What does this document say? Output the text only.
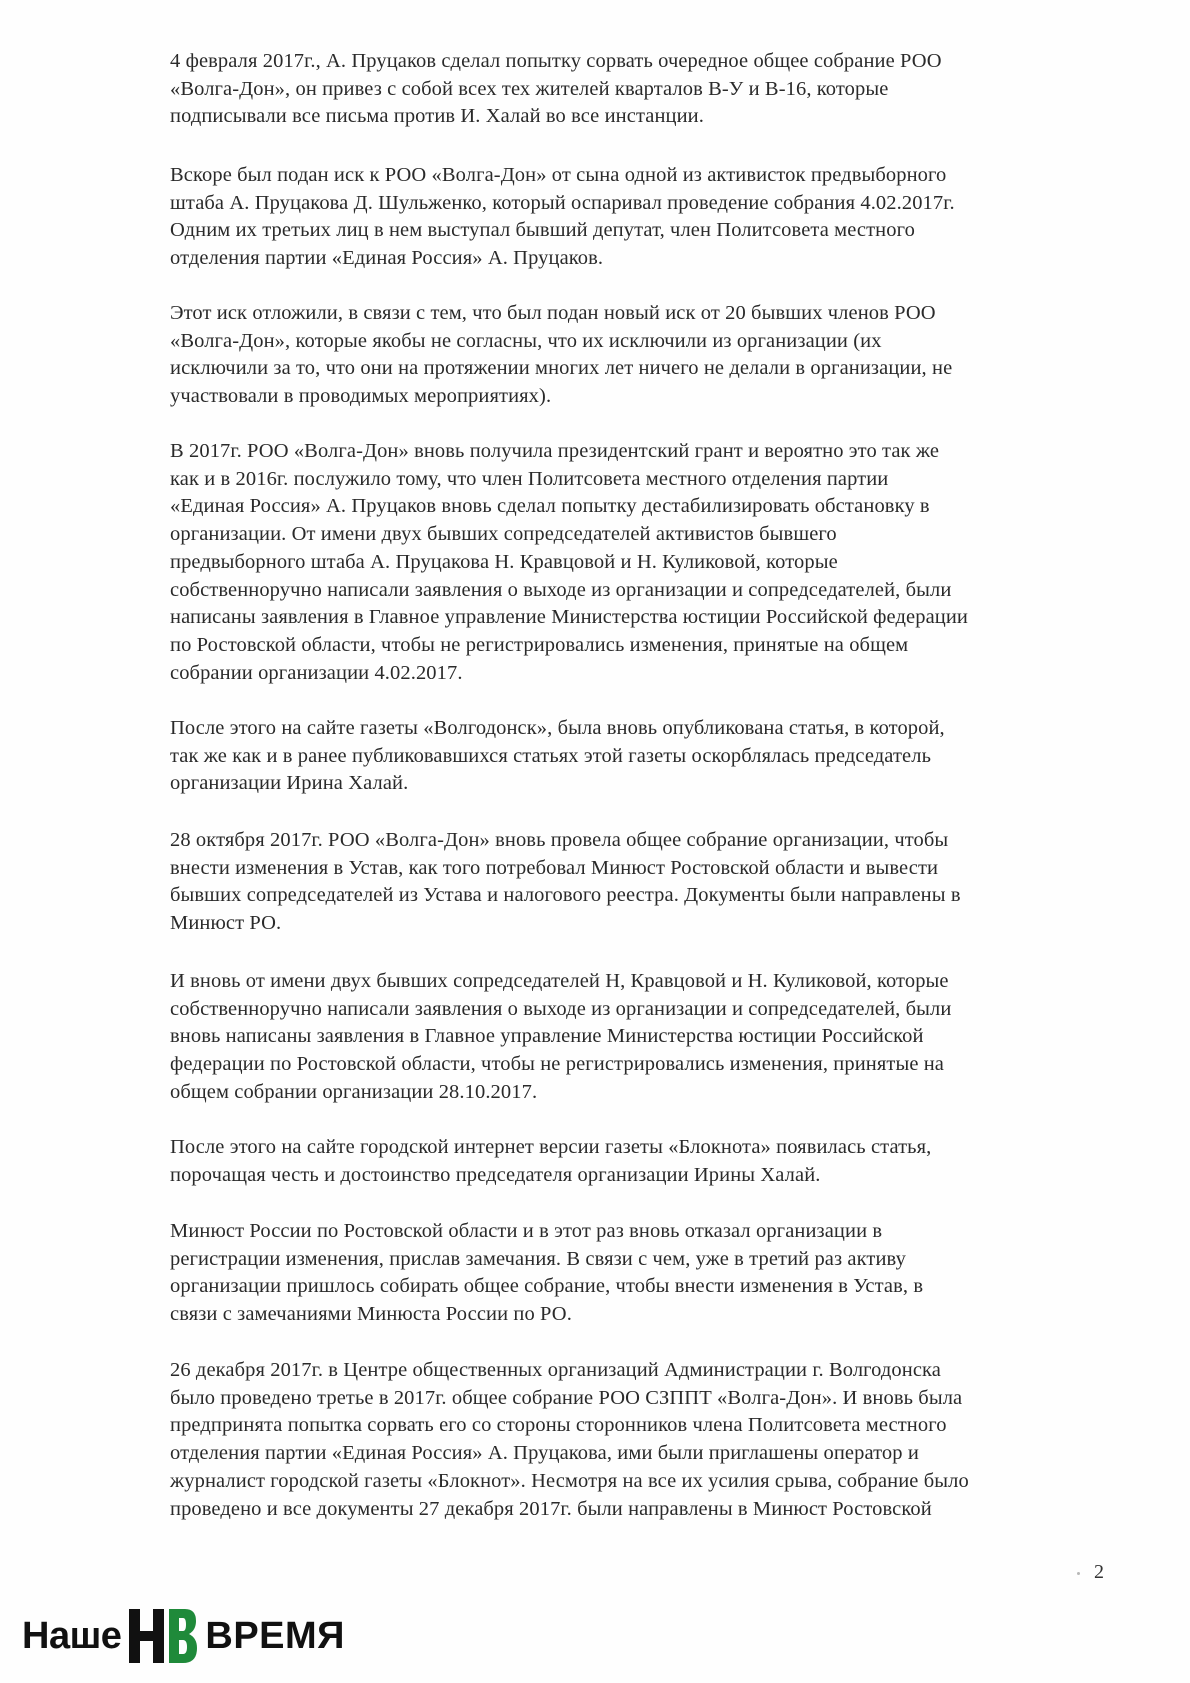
4 февраля 2017г., А. Пруцаков сделал попытку сорвать очередное общее собрание РОО
«Волга-Дон», он привез с собой всех тех жителей кварталов В-У и В-16, которые
подписывали все письма против И. Халай во все инстанции.

Вскоре был подан иск к РОО «Волга-Дон» от сына одной из активисток предвыборного
штаба А. Пруцакова Д. Шульженко, который оспаривал проведение собрания 4.02.2017г.
Одним их третьих лиц в нем выступал бывший депутат, член Политсовета местного
отделения партии «Единая Россия» А. Пруцаков.

Этот иск отложили, в связи с тем, что был подан новый иск от 20 бывших членов РОО
«Волга-Дон», которые якобы не согласны, что их исключили из организации (их
исключили за то, что они на протяжении многих лет ничего не делали в организации, не
участвовали в проводимых мероприятиях).

В 2017г. РОО «Волга-Дон» вновь получила президентский грант и вероятно это так же
как и в 2016г. послужило тому, что член Политсовета местного отделения партии
«Единая Россия» А. Пруцаков вновь сделал попытку дестабилизировать обстановку в
организации. От имени двух бывших сопредседателей активистов бывшего
предвыборного штаба А. Пруцакова Н. Кравцовой и Н. Куликовой, которые
собственноручно написали заявления о выходе из организации и сопредседателей, были
написаны заявления в Главное управление Министерства юстиции Российской федерации
по Ростовской области, чтобы не регистрировались изменения, принятые на общем
собрании организации 4.02.2017.

После этого на сайте газеты «Волгодонск», была вновь опубликована статья, в которой,
так же как и в ранее публиковавшихся статьях этой газеты оскорблялась председатель
организации Ирина Халай.

28 октября 2017г. РОО «Волга-Дон» вновь провела общее собрание организации, чтобы
внести изменения в Устав, как того потребовал Минюст Ростовской области и вывести
бывших сопредседателей из Устава и налогового реестра. Документы были направлены в
Минюст РО.

И вновь от имени двух бывших сопредседателей Н, Кравцовой и Н. Куликовой, которые
собственноручно написали заявления о выходе из организации и сопредседателей, были
вновь написаны заявления в Главное управление Министерства юстиции Российской
федерации по Ростовской области, чтобы не регистрировались изменения, принятые на
общем собрании организации 28.10.2017.

После этого на сайте городской интернет версии газеты «Блокнота» появилась статья,
порочащая честь и достоинство председателя организации Ирины Халай.

Минюст России по Ростовской области и в этот раз вновь отказал организации в
регистрации изменения, прислав замечания. В связи с чем, уже в третий раз активу
организации пришлось собирать общее собрание, чтобы внести изменения в Устав, в
связи с замечаниями Минюста России по РО.

26 декабря 2017г. в Центре общественных организаций Администрации г. Волгодонска
было проведено третье в 2017г. общее собрание РОО СЗППТ «Волга-Дон». И вновь была
предпринята попытка сорвать его со стороны сторонников члена Политсовета местного
отделения партии «Единая Россия» А. Пруцакова, ими были приглашены оператор и
журналист городской газеты «Блокнот». Несмотря на все их усилия срыва, собрание было
проведено и все документы 27 декабря 2017г. были направлены в Минюст Ростовской

2
Наше ВРЕМЯ
